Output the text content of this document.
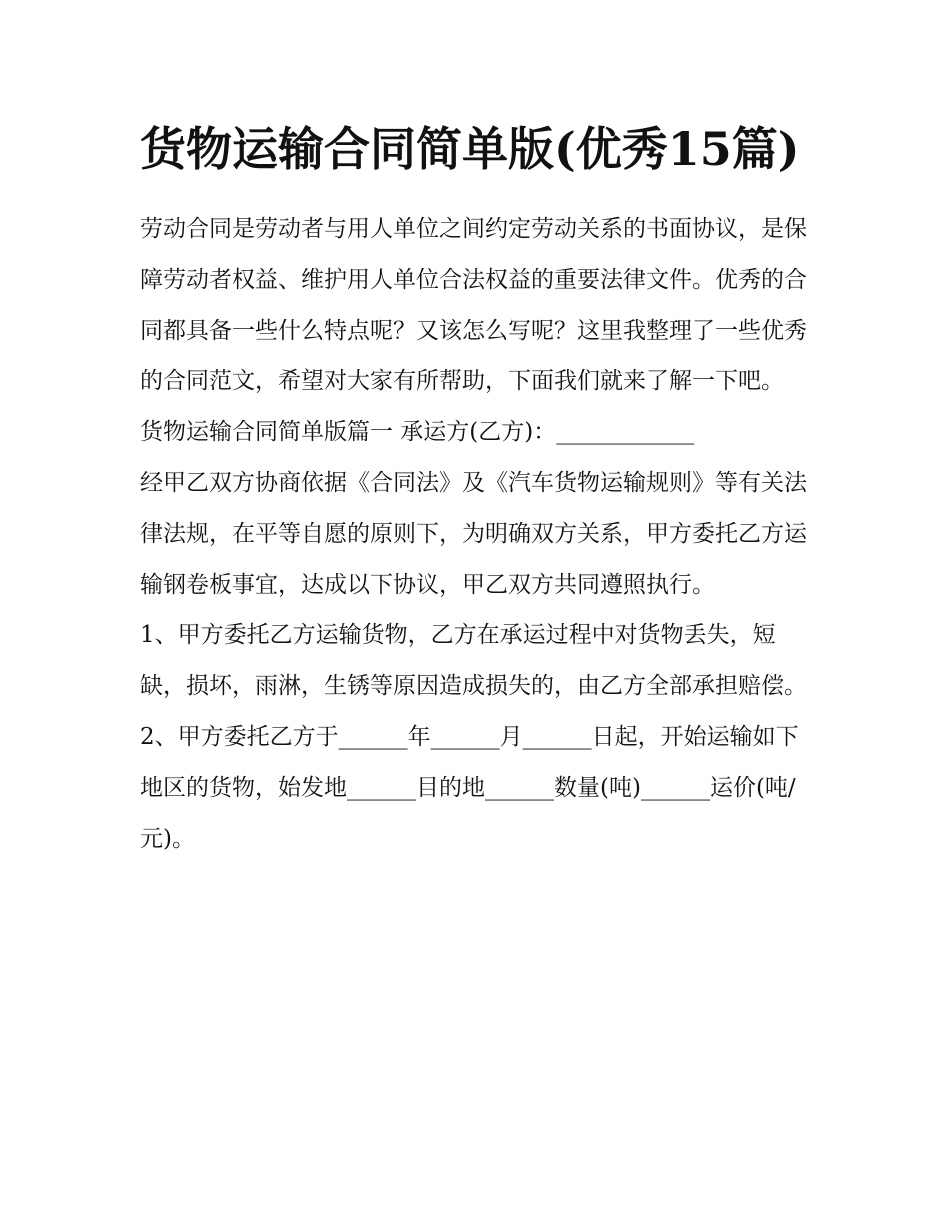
货物运输合同简单版(优秀15篇)

劳动合同是劳动者与用人单位之间约定劳动关系的书面协议，是保障劳动者权益、维护用人单位合法权益的重要法律文件。优秀的合同都具备一些什么特点呢？又该怎么写呢？这里我整理了一些优秀的合同范文，希望对大家有所帮助，下面我们就来了解一下吧。

货物运输合同简单版篇一 承运方(乙方)：____________

经甲乙双方协商依据《合同法》及《汽车货物运输规则》等有关法律法规，在平等自愿的原则下，为明确双方关系，甲方委托乙方运输钢卷板事宜，达成以下协议，甲乙双方共同遵照执行。

1、甲方委托乙方运输货物，乙方在承运过程中对货物丢失，短缺，损坏，雨淋，生锈等原因造成损失的，由乙方全部承担赔偿。

2、甲方委托乙方于______年______月______日起，开始运输如下地区的货物，始发地______目的地______数量(吨)______运价(吨/元)。
